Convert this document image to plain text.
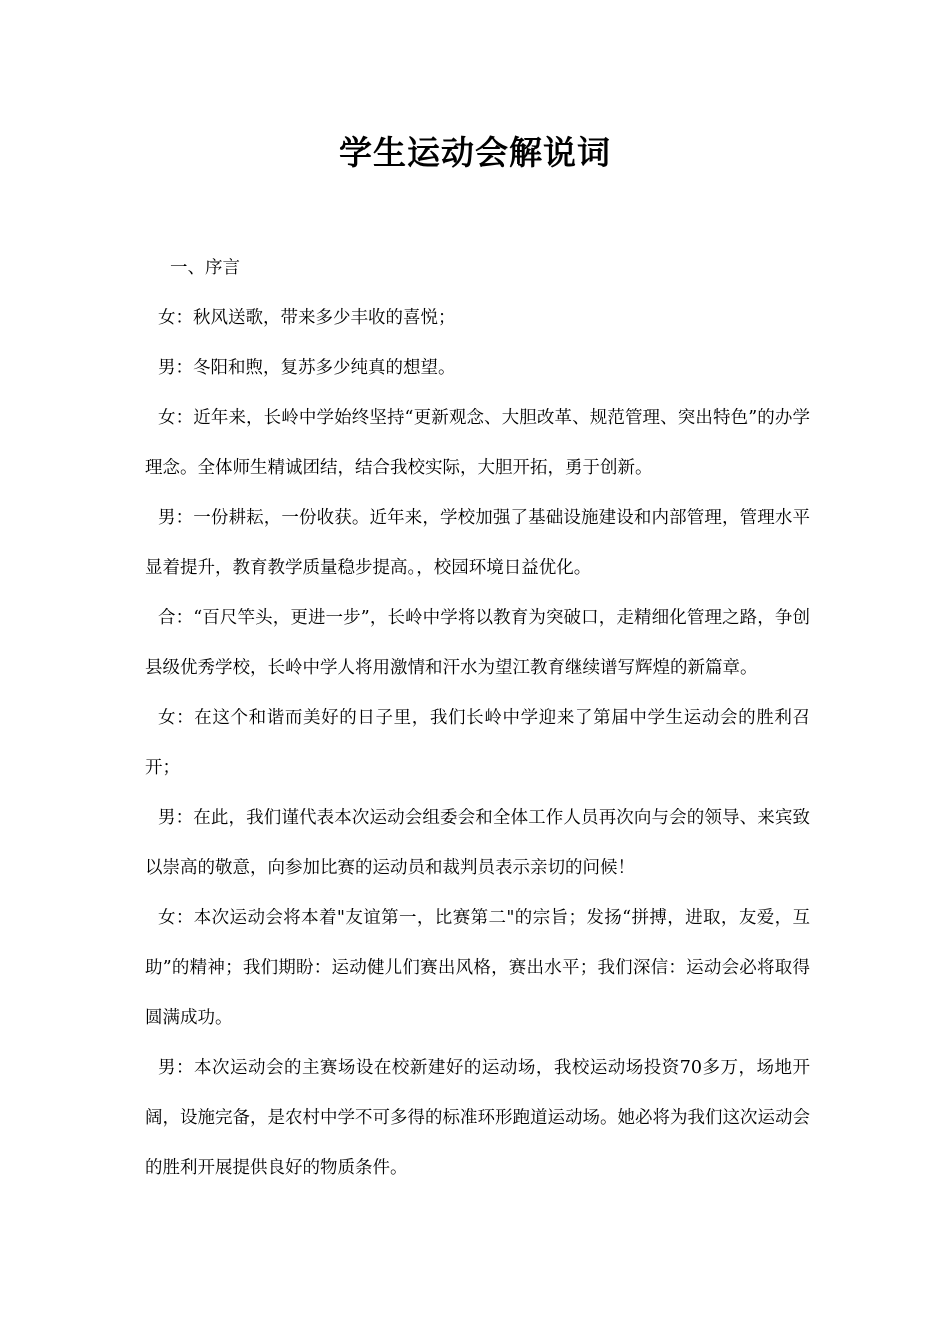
学生运动会解说词

一、序言

女：秋风送歌，带来多少丰收的喜悦；

男：冬阳和煦，复苏多少纯真的想望。

女：近年来，长岭中学始终坚持“更新观念、大胆改革、规范管理、突出特色”的办学理念。全体师生精诚团结，结合我校实际，大胆开拓，勇于创新。

男：一份耕耘，一份收获。近年来，学校加强了基础设施建设和内部管理，管理水平显着提升，教育教学质量稳步提高。，校园环境日益优化。

合：“百尺竿头，更进一步”，长岭中学将以教育为突破口，走精细化管理之路，争创县级优秀学校，长岭中学人将用激情和汗水为望江教育继续谱写辉煌的新篇章。

女：在这个和谐而美好的日子里，我们长岭中学迎来了第届中学生运动会的胜利召开；

男：在此，我们谨代表本次运动会组委会和全体工作人员再次向与会的领导、来宾致以崇高的敬意，向参加比赛的运动员和裁判员表示亲切的问候！

女：本次运动会将本着"友谊第一，比赛第二"的宗旨；发扬“拼搏，进取，友爱，互助”的精神；我们期盼：运动健儿们赛出风格，赛出水平；我们深信：运动会必将取得圆满成功。

男：本次运动会的主赛场设在校新建好的运动场，我校运动场投资70多万，场地开阔，设施完备，是农村中学不可多得的标准环形跑道运动场。她必将为我们这次运动会的胜利开展提供良好的物质条件。
